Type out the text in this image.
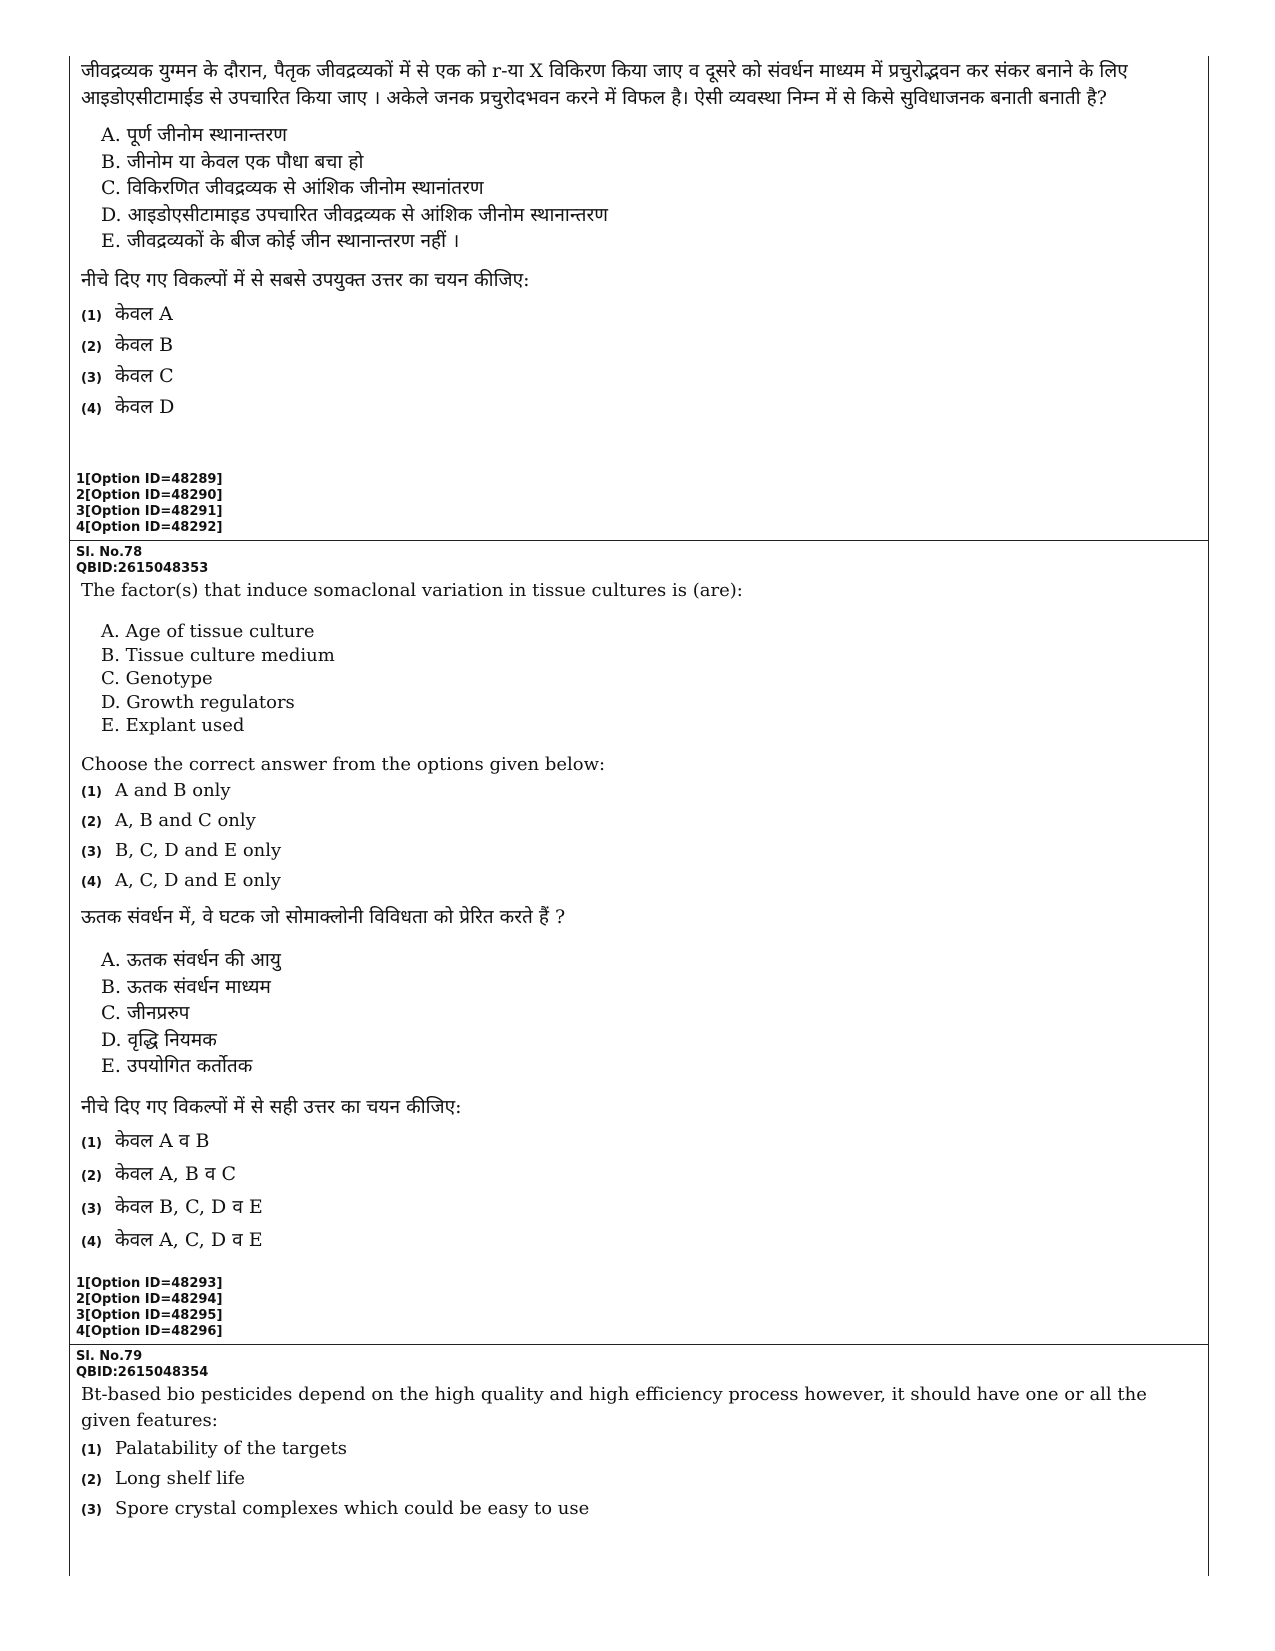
जीवद्रव्यक युग्मन के दौरान, पैतृक जीवद्रव्यकों में से एक को r-या X विकिरण किया जाए व दूसरे को संवर्धन माध्यम में प्रचुरोद्भवन कर संकर बनाने के लिए आइडोएसीटामाईड से उपचारित किया जाए । अकेले जनक प्रचुरोदभवन करने में विफल है। ऐसी व्यवस्था निम्न में से किसे सुविधाजनक बनाती बनाती है?
A. पूर्ण जीनोम स्थानान्तरण
B. जीनोम या केवल एक पौधा बचा हो
C. विकिरणित जीवद्रव्यक से आंशिक जीनोम स्थानांतरण
D. आइडोएसीटामाइड उपचारित जीवद्रव्यक से आंशिक जीनोम स्थानान्तरण
E. जीवद्रव्यकों के बीज कोई जीन स्थानान्तरण नहीं ।
नीचे दिए गए विकल्पों में से सबसे उपयुक्त उत्तर का चयन कीजिए:
(1) केवल A
(2) केवल B
(3) केवल C
(4) केवल D
1[Option ID=48289]
2[Option ID=48290]
3[Option ID=48291]
4[Option ID=48292]
Sl. No.78
QBID:2615048353
The factor(s) that induce somaclonal variation in tissue cultures is (are):
A. Age of tissue culture
B. Tissue culture medium
C. Genotype
D. Growth regulators
E. Explant used
Choose the correct answer from the options given below:
(1) A and B only
(2) A, B and C only
(3) B, C, D and E only
(4) A, C, D and E only
ऊतक संवर्धन में, वे घटक जो सोमाक्लोनी विविधता को प्रेरित करते हैं ?
A. ऊतक संवर्धन की आयु
B. ऊतक संवर्धन माध्यम
C. जीनप्ररुप
D. वृद्धि नियमक
E. उपयोगित कर्तोतक
नीचे दिए गए विकल्पों में से सही उत्तर का चयन कीजिए:
(1) केवल A व B
(2) केवल A, B व C
(3) केवल B, C, D व E
(4) केवल A, C, D व E
1[Option ID=48293]
2[Option ID=48294]
3[Option ID=48295]
4[Option ID=48296]
Sl. No.79
QBID:2615048354
Bt-based bio pesticides depend on the high quality and high efficiency process however, it should have one or all the given features:
(1) Palatability of the targets
(2) Long shelf life
(3) Spore crystal complexes which could be easy to use
